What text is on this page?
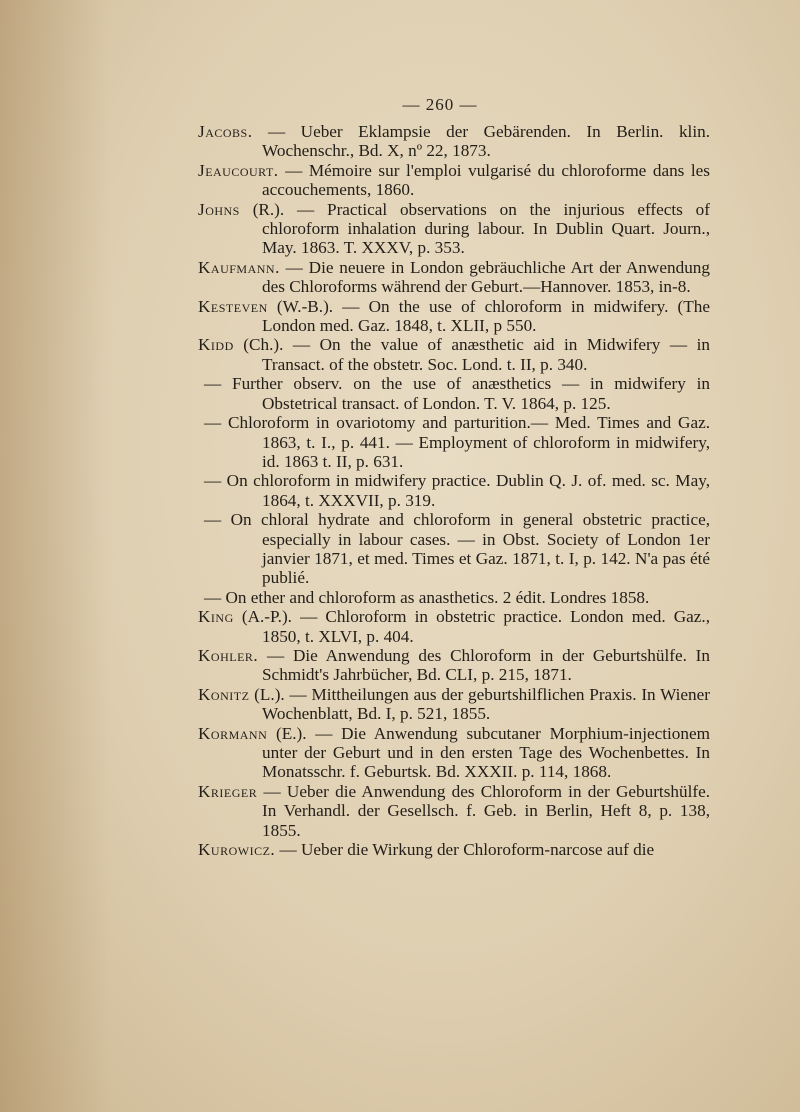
— 260 —

Jacobs. — Ueber Eklampsie der Gebärenden. In Berlin. klin. Wochenschr., Bd. X, nº 22, 1873.

Jeaucourt. — Mémoire sur l'emploi vulgarisé du chloroforme dans les accouchements, 1860.

Johns (R.). — Practical observations on the injurious effects of chloroform inhalation during labour. In Dublin Quart. Journ., May. 1863. T. XXXV, p. 353.

Kaufmann. — Die neuere in London gebräuchliche Art der Anwendung des Chloroforms während der Geburt.—Hannover. 1853, in-8.

Kesteven (W.-B.). — On the use of chloroform in midwifery. (The London med. Gaz. 1848, t. XLII, p 550.

Kidd (Ch.). — On the value of anæsthetic aid in Midwifery — in Transact. of the obstetr. Soc. Lond. t. II, p. 340.

— Further observ. on the use of anæsthetics — in midwifery in Obstetrical transact. of London. T. V. 1864, p. 125.

— Chloroform in ovariotomy and parturition.— Med. Times and Gaz. 1863, t. I., p. 441. — Employment of chloroform in midwifery, id. 1863 t. II, p. 631.

— On chloroform in midwifery practice. Dublin Q. J. of. med. sc. May, 1864, t. XXXVII, p. 319.

— On chloral hydrate and chloroform in general obstetric practice, especially in labour cases. — in Obst. Society of London 1er janvier 1871, et med. Times et Gaz. 1871, t. I, p. 142. N'a pas été publié.

— On ether and chloroform as anasthetics. 2 édit. Londres 1858.

King (A.-P.). — Chloroform in obstetric practice. London med. Gaz., 1850, t. XLVI, p. 404.

Kohler. — Die Anwendung des Chloroform in der Geburtshülfe. In Schmidt's Jahrbücher, Bd. CLI, p. 215, 1871.

Konitz (L.). — Mittheilungen aus der geburtshilflichen Praxis. In Wiener Wochenblatt, Bd. I, p. 521, 1855.

Kormann (E.). — Die Anwendung subcutaner Morphium-injectionem unter der Geburt und in den ersten Tage des Wochenbettes. In Monatsschr. f. Geburtsk. Bd. XXXII. p. 114, 1868.

Krieger — Ueber die Anwendung des Chloroform in der Geburtshülfe. In Verhandl. der Gesellsch. f. Geb. in Berlin, Heft 8, p. 138, 1855.

Kurowicz. — Ueber die Wirkung der Chloroform-narcose auf die
